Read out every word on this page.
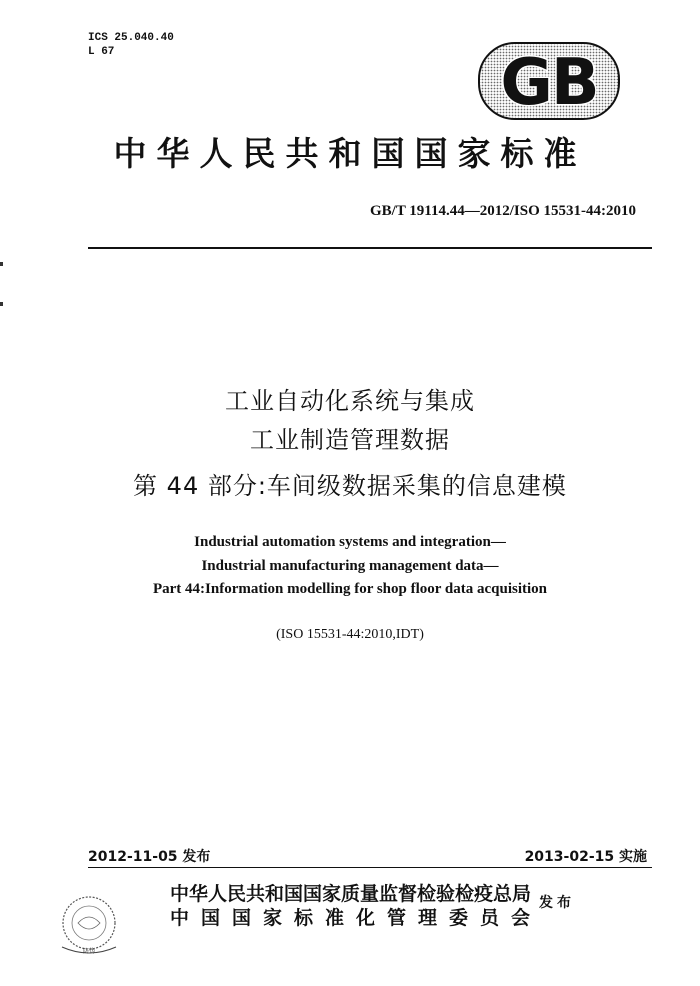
ICS 25.040.40
L 67	GB
中华人民共和国国家标准
GB/T 19114.44—2012/ISO 15531-44:2010
工业自动化系统与集成
工业制造管理数据
第 44 部分:车间级数据采集的信息建模
Industrial automation systems and integration—
Industrial manufacturing management data—
Part 44:Information modelling for shop floor data acquisition
(ISO 15531-44:2010,IDT)
2012-11-05 发布	2013-02-15 实施
防伪
中华人民共和国国家质量监督检验检疫总局
中国国家标准化管理委员会
发布
